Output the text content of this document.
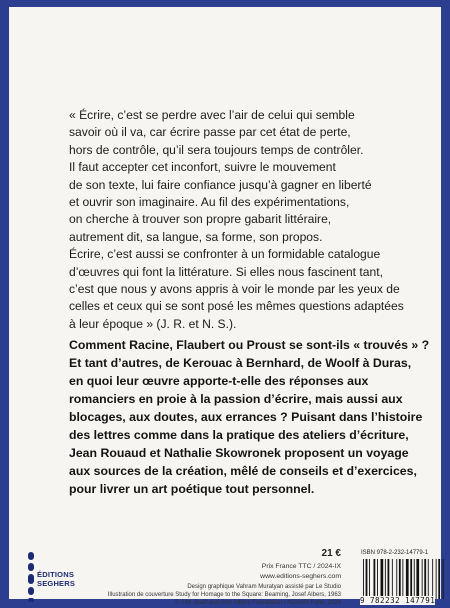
« Écrire, c’est se perdre avec l’air de celui qui semble
savoir où il va, car écrire passe par cet état de perte,
hors de contrôle, qu’il sera toujours temps de contrôler.
Il faut accepter cet inconfort, suivre le mouvement
de son texte, lui faire confiance jusqu’à gagner en liberté
et ouvrir son imaginaire. Au fil des expérimentations,
on cherche à trouver son propre gabarit littéraire,
autrement dit, sa langue, sa forme, son propos.
Écrire, c’est aussi se confronter à un formidable catalogue
d’œuvres qui font la littérature. Si elles nous fascinent tant,
c’est que nous y avons appris à voir le monde par les yeux de
celles et ceux qui se sont posé les mêmes questions adaptées
à leur époque » (J. R. et N. S.).

Comment Racine, Flaubert ou Proust se sont-ils « trouvés » ?
Et tant d’autres, de Kerouac à Bernhard, de Woolf à Duras,
en quoi leur œuvre apporte-t-elle des réponses aux
romanciers en proie à la passion d’écrire, mais aussi aux
blocages, aux doutes, aux errances ? Puisant dans l’histoire
des lettres comme dans la pratique des ateliers d’écriture,
Jean Rouaud et Nathalie Skowronek proposent un voyage
aux sources de la création, mêlé de conseils et d’exercices,
pour livrer un art poétique tout personnel.

ÉDITIONS
SEGHERS
21 €
Prix France TTC / 2024-IX
www.editions-seghers.com
Design graphique Vahram Muratyan assisté par Le Studio
Illustration de couverture Study for Homage to the Square: Beaming, Josef Albers, 1963
© The Josef and Anni Albers Foundation / ADAGP, Paris, 2024
ISBN 978-2-232-14779-1
9 782232 147791
